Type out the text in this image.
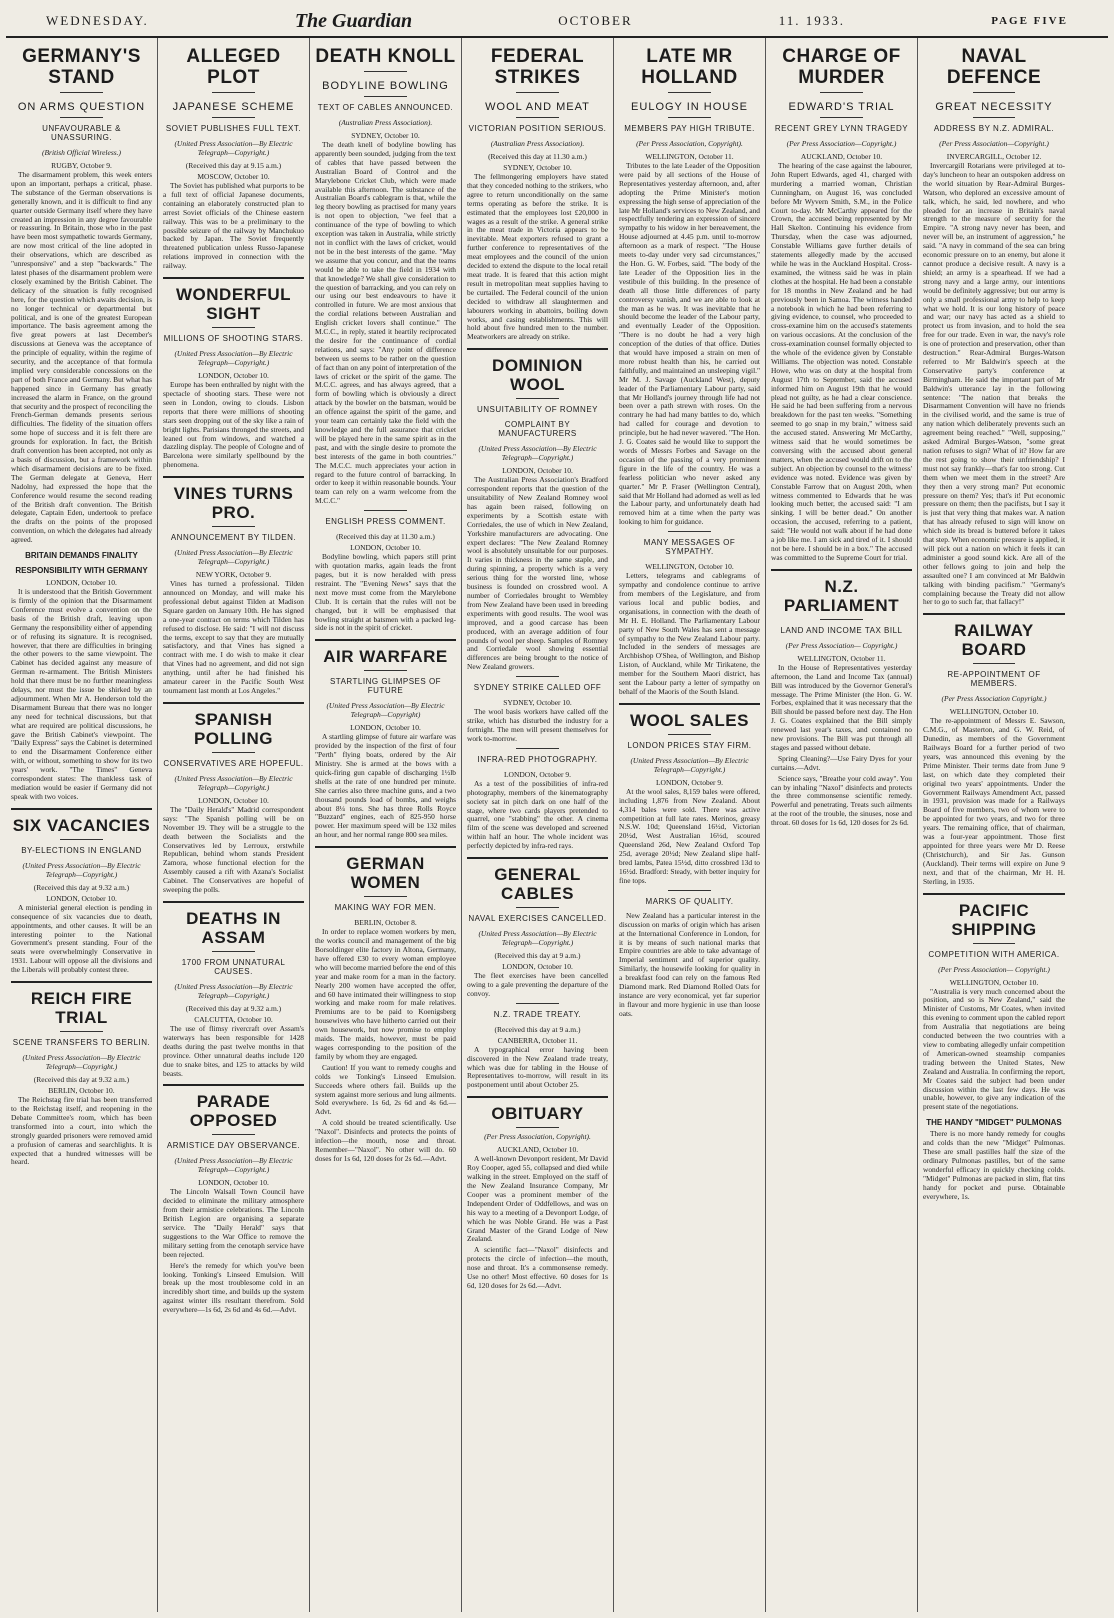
WEDNESDAY.	The Guardian	OCTOBER	11. 1933.	PAGE FIVE
GERMANY'S STAND
ON ARMS QUESTION
UNFAVOURABLE & UNASSURING.
(British Official Wireless.)
RUGBY, October 9.

The disarmament problem, this week enters upon an important, perhaps a critical, phase. The substance of the German observations is generally known, and it is difficult to find any quarter outside Germany itself where they have created an impression in any degree favourable or reassuring. In Britain, those who in the past have been most sympathetic towards Germany, are now most critical of the line adopted in their observations, which are described as "unresponsive" and a step "backwards." The latest phases of the disarmament problem were closely examined by the British Cabinet. The delicacy of the situation is fully recognised here, for the question which awaits decision, is no longer technical or departmental but political, and is one of the greatest European importance. The basis agreement among the five great powers at last December's discussions at Geneva was the acceptance of the principle of equality, within the regime of security, and the acceptance of that formula implied very considerable concessions on the part of both France and Germany. But what has happened since in Germany has greatly increased the alarm in France, on the ground that security and the prospect of reconciling the French-German demands presents serious difficulties. The fidelity of the situation offers some hope of success and it is felt there are grounds for exploration. In fact, the British draft convention has been accepted, not only as a basis of discussion, but a framework within which disarmament decisions are to be fixed. The German delegate at Geneva, Herr Nadolny, had expressed the hope that the Conference would resume the second reading of the British draft convention. The British delegate, Captain Eden, undertook to preface the drafts on the points of the proposed convention, on which the delegates had already agreed.

BRITAIN DEMANDS FINALITY
RESPONSIBILITY WITH GERMANY
LONDON, October 10.

It is understood that the British Government is firmly of the opinion that the Disarmament Conference must evolve a convention on the basis of the British draft, leaving upon Germany the responsibility either of appending or of refusing its signature. It is recognised, however, that there are difficulties in bringing the other powers to the same viewpoint. The Cabinet has decided against any measure of German re-armament. The British Ministers hold that there must be no further meaningless delays, nor must the issue be shirked by an adjournment. When Mr A. Henderson told the Disarmament Bureau that there was no longer any need for technical discussions, but that what are required are political discussions, he gave the British Cabinet's viewpoint. The "Daily Express" says the Cabinet is determined to end the Disarmament Conference either with, or without, something to show for its two years' work. "The Times" Geneva correspondent states: The thankless task of mediation would be easier if Germany did not speak with two voices.

SIX VACANCIES
BY-ELECTIONS IN ENGLAND
(United Press Association—By Electric Telegraph—Copyright.)
(Received this day at 9.32 a.m.)
LONDON, October 10.

A ministerial general election is pending in consequence of six vacancies due to death, appointments, and other causes. It will be an interesting pointer to the National Government's present standing. Four of the seats were overwhelmingly Conservative in 1931. Labour will oppose all the divisions and the Liberals will probably contest three.

REICH FIRE TRIAL
SCENE TRANSFERS TO BERLIN.
(United Press Association—By Electric Telegraph—Copyright.)
(Received this day at 9.32 a.m.)
BERLIN, October 10.

The Reichstag fire trial has been transferred to the Reichstag itself, and reopening in the Debate Committee's room, which has been transformed into a court, into which the strongly guarded prisoners were removed amid a profusion of cameras and searchlights. It is expected that a hundred witnesses will be heard.

ALLEGED PLOT
JAPANESE SCHEME
SOVIET PUBLISHES FULL TEXT.
(United Press Association—By Electric Telegraph—Copyright.)
(Received this day at 9.15 a.m.)
MOSCOW, October 10.

The Soviet has published what purports to be a full text of official Japanese documents, containing an elaborately constructed plan to arrest Soviet officials of the Chinese eastern railway. This was to be a preliminary to the possible seizure of the railway by Manchukuo backed by Japan. The Soviet frequently threatened publication unless Russo-Japanese relations improved in connection with the railway.

WONDERFUL SIGHT
MILLIONS OF SHOOTING STARS.
(United Press Association—By Electric Telegraph—Copyright.)
LONDON, October 10.

Europe has been enthralled by night with the spectacle of shooting stars. These were not seen in London, owing to clouds. Lisbon reports that there were millions of shooting stars seen dropping out of the sky like a rain of bright lights. Parisians thronged the streets, and leaned out from windows, and watched a dazzling display. The people of Cologne and of Barcelona were similarly spellbound by the phenomena.

VINES TURNS PRO.
ANNOUNCEMENT BY TILDEN.
(United Press Association—By Electric Telegraph—Copyright.)
NEW YORK, October 9.

Vines has turned a professional. Tilden announced on Monday, and will make his professional debut against Tilden at Madison Square garden on January 10th. He has signed a one-year contract on terms which Tilden has refused to disclose. He said: "I will not discuss the terms, except to say that they are mutually satisfactory, and that Vines has signed a contract with me. I do wish to make it clear that Vines had no agreement, and did not sign anything, until after he had finished his amateur career in the Pacific South West tournament last month at Los Angeles."

SPANISH POLLING
CONSERVATIVES ARE HOPEFUL.
(United Press Association—By Electric Telegraph—Copyright.)
LONDON, October 10.

The "Daily Herald's" Madrid correspondent says: "The Spanish polling will be on November 19. They will be a struggle to the death between the Socialists and the Conservatives led by Lerroux, erstwhile Republican, behind whom stands President Zamora, whose functional election for the Assembly caused a rift with Azana's Socialist Cabinet. The Conservatives are hopeful of sweeping the polls.

DEATHS IN ASSAM
1700 FROM UNNATURAL CAUSES.
(United Press Association—By Electric Telegraph—Copyright.)
(Received this day at 9.32 a.m.)
CALCUTTA, October 10.

The use of flimsy rivercraft over Assam's waterways has been responsible for 1428 deaths during the past twelve months in that province. Other unnatural deaths include 120 due to snake bites, and 125 to attacks by wild beasts.

PARADE OPPOSED
ARMISTICE DAY OBSERVANCE.
(United Press Association—By Electric Telegraph—Copyright.)
LONDON, October 10.

The Lincoln Walsall Town Council have decided to eliminate the military atmosphere from their armistice celebrations. The Lincoln British Legion are organising a separate service. The "Daily Herald" says that suggestions to the War Office to remove the military setting from the cenotaph service have been rejected.

Here's the remedy for which you've been looking. Tonking's Linseed Emulsion. Will break up the most troublesome cold in an incredibly short time, and builds up the system against winter ills resultant therefrom. Sold everywhere—1s 6d, 2s 6d and 4s 6d.—Advt.

DEATH KNOLL
BODYLINE BOWLING
TEXT OF CABLES ANNOUNCED.
(Australian Press Association).
SYDNEY, October 10.

The death knell of bodyline bowling has apparently been sounded, judging from the text of cables that have passed between the Australian Board of Control and the Marylebone Cricket Club, which were made available this afternoon. The substance of the Australian Board's cablegram is that, while the leg theory bowling as practised for many years is not open to objection, "we feel that a continuance of the type of bowling to which exception was taken in Australia, while strictly not in conflict with the laws of cricket, would not be in the best interests of the game. "May we assume that you concur, and that the teams would be able to take the field in 1934 with that knowledge? We shall give consideration to the question of barracking, and you can rely on our using our best endeavours to have it controlled in future. We are most anxious that the cordial relations between Australian and English cricket lovers shall continue." The M.C.C., in reply, stated it heartily reciprocated the desire for the continuance of cordial relations, and says: "Any point of difference between us seems to be rather on the question of fact than on any point of interpretation of the laws of cricket or the spirit of the game. The M.C.C. agrees, and has always agreed, that a form of bowling which is obviously a direct attack by the bowler on the batsman, would be an offence against the spirit of the game, and your team can certainly take the field with the knowledge and the full assurance that cricket will be played here in the same spirit as in the past, and with the single desire to promote the best interests of the game in both countries." The M.C.C. much appreciates your action in regard to the future control of barracking. In order to keep it within reasonable bounds. Your team can rely on a warm welcome from the M.C.C."

ENGLISH PRESS COMMENT.
(Received this day at 11.30 a.m.)
LONDON, October 10.

Bodyline bowling, which papers still print with quotation marks, again leads the front pages, but it is now heralded with press restraint. The "Evening News" says that the next move must come from the Marylebone Club. It is certain that the rules will not be changed, but it will be emphasised that bowling straight at batsmen with a packed leg-side is not in the spirit of cricket.

AIR WARFARE
STARTLING GLIMPSES OF FUTURE
(United Press Association—By Electric Telegraph—Copyright)
LONDON, October 10.

A startling glimpse of future air warfare was provided by the inspection of the first of four "Perth" flying boats, ordered by the Air Ministry. She is armed at the bows with a quick-firing gun capable of discharging 1½lb shells at the rate of one hundred per minute. She carries also three machine guns, and a two thousand pounds load of bombs, and weighs about 8¼ tons. She has three Rolls Royce "Buzzard" engines, each of 825-950 horse power. Her maximum speed will be 132 miles an hour, and her normal range 800 sea miles.

GERMAN WOMEN
MAKING WAY FOR MEN.
BERLIN, October 8.

In order to replace women workers by men, the works council and management of the big Borsoldinger elite factory in Altona, Germany, have offered £30 to every woman employee who will become married before the end of this year and make room for a man in the factory. Nearly 200 women have accepted the offer, and 60 have intimated their willingness to stop working and make room for male relatives. Premiums are to be paid to Koenigsberg housewives who have hitherto carried out their own housework, but now promise to employ maids. The maids, however, must be paid wages corresponding to the position of the family by whom they are engaged.

Caution! If you want to remedy coughs and colds we Tonking's Linseed Emulsion. Succeeds where others fail. Builds up the system against more serious and lung ailments. Sold everywhere. 1s 6d, 2s 6d and 4s 6d.—Advt.

A cold should be treated scientifically. Use "Naxol". Disinfects and protects the points of infection—the mouth, nose and throat. Remember—"Naxol". No other will do. 60 doses for 1s 6d, 120 doses for 2s 6d.—Advt.

FEDERAL STRIKES
WOOL AND MEAT
VICTORIAN POSITION SERIOUS.
(Australian Press Association).
(Received this day at 11.30 a.m.)
SYDNEY, October 10.

The fellmongering employers have stated that they conceded nothing to the strikers, who agree to return unconditionally on the same terms operating as before the strike. It is estimated that the employees lost £20,000 in wages as a result of the strike. A general strike in the meat trade in Victoria appears to be inevitable. Meat exporters refused to grant a further conference to representatives of the meat employees and the council of the union decided to extend the dispute to the local retail meat trade. It is feared that this action might result in metropolitan meat supplies having to be curtailed. The Federal council of the union decided to withdraw all slaughtermen and labourers working in abattoirs, boiling down works, and casing establishments. This will hold about five hundred men to the number. Meatworkers are already on strike.

DOMINION WOOL
UNSUITABILITY OF ROMNEY
COMPLAINT BY MANUFACTURERS
(United Press Association—By Electric Telegraph—Copyright.)
LONDON, October 10.

The Australian Press Association's Bradford correspondent reports that the question of the unsuitability of New Zealand Romney wool has again been raised, following on experiments by a Scottish estate with Corriedales, the use of which in New Zealand, Yorkshire manufacturers are advocating. One expert declares: "The New Zealand Romney wool is absolutely unsuitable for our purposes. It varies in thickness in the same staple, and during spinning, a property which is a very serious thing for the worsted line, whose business is founded on crossbred wool. A number of Corriedales brought to Wembley from New Zealand have been used in breeding experiments with good results. The wool was improved, and a good carcase has been produced, with an average addition of four pounds of wool per sheep. Samples of Romney and Corriedale wool showing essential differences are being brought to the notice of New Zealand growers.

SYDNEY STRIKE CALLED OFF
SYDNEY, October 10.

The wool basis workers have called off the strike, which has disturbed the industry for a fortnight. The men will present themselves for work to-morrow.

INFRA-RED PHOTOGRAPHY.
LONDON, October 9.

As a test of the possibilities of infra-red photography, members of the kinematography society sat in pitch dark on one half of the stage, where two cards players pretended to quarrel, one "stabbing" the other. A cinema film of the scene was developed and screened within half an hour. The whole incident was perfectly depicted by infra-red rays.

GENERAL CABLES
NAVAL EXERCISES CANCELLED.
(United Press Association—By Electric Telegraph—Copyright.)
(Received this day at 9 a.m.)
LONDON, October 10.

The fleet exercises have been cancelled owing to a gale preventing the departure of the convoy.

N.Z. TRADE TREATY.
(Received this day at 9 a.m.)
CANBERRA, October 11.

A typographical error having been discovered in the New Zealand trade treaty, which was due for tabling in the House of Representatives to-morrow, will result in its postponement until about October 25.

OBITUARY
(Per Press Association, Copyright).
AUCKLAND, October 10.

A well-known Devonport resident, Mr David Roy Cooper, aged 55, collapsed and died while walking in the street. Employed on the staff of the New Zealand Insurance Company, Mr Cooper was a prominent member of the Independent Order of Oddfellows, and was on his way to a meeting of a Devonport Lodge, of which he was Noble Grand. He was a Past Grand Master of the Grand Lodge of New Zealand.

A scientific fact—"Naxol" disinfects and protects the circle of infection—the mouth, nose and throat. It's a commonsense remedy. Use no other! Most effective. 60 doses for 1s 6d, 120 doses for 2s 6d.—Advt.

LATE MR HOLLAND
EULOGY IN HOUSE
MEMBERS PAY HIGH TRIBUTE.
(Per Press Association, Copyright).
WELLINGTON, October 11.

Tributes to the late Leader of the Opposition were paid by all sections of the House of Representatives yesterday afternoon, and, after adopting the Prime Minister's motion expressing the high sense of appreciation of the late Mr Holland's services to New Zealand, and respectfully tendering an expression of sincere sympathy to his widow in her bereavement, the House adjourned at 4.45 p.m. until to-morrow afternoon as a mark of respect. "The House meets to-day under very sad circumstances," the Hon. G. W. Forbes, said. "The body of the late Leader of the Opposition lies in the vestibule of this building. In the presence of death all those little differences of party controversy vanish, and we are able to look at the man as he was. It was inevitable that he should become the leader of the Labour party, and eventually Leader of the Opposition. "There is no doubt he had a very high conception of the duties of that office. Duties that would have imposed a strain on men of more robust health than his, he carried out faithfully, and maintained an unsleeping vigil." Mr M. J. Savage (Auckland West), deputy leader of the Parliamentary Labour party, said that Mr Holland's journey through life had not been over a path strewn with roses. On the contrary he had had many battles to do, which had called for courage and devotion to principle, but he had never wavered. "The Hon. J. G. Coates said he would like to support the words of Messrs Forbes and Savage on the occasion of the passing of a very prominent figure in the life of the country. He was a fearless politician who never asked any quarter." Mr P. Fraser (Wellington Central), said that Mr Holland had adorned as well as led the Labour party, and unfortunately death had removed him at a time when the party was looking to him for guidance.

MANY MESSAGES OF SYMPATHY.
WELLINGTON, October 10.

Letters, telegrams and cablegrams of sympathy and condolence continue to arrive from members of the Legislature, and from various local and public bodies, and organisations, in connection with the death of Mr H. E. Holland. The Parliamentary Labour party of New South Wales has sent a message of sympathy to the New Zealand Labour party. Included in the senders of messages are Archbishop O'Shea, of Wellington, and Bishop Liston, of Auckland, while Mr Tirikatene, the member for the Southern Maori district, has sent the Labour party a letter of sympathy on behalf of the Maoris of the South Island.

WOOL SALES
LONDON PRICES STAY FIRM.
(United Press Association—By Electric Telegraph—Copyright.)
LONDON, October 9.

At the wool sales, 8,159 bales were offered, including 1,876 from New Zealand. About 4,314 bales were sold. There was active competition at full late rates. Merinos, greasy N.S.W. 10d; Queensland 16½d, Victorian 20½d, West Australian 16½d, scoured Queensland 26d, New Zealand Oxford Top 25d, average 20½d; New Zealand slipe half-bred lambs, Patea 15½d, ditto crossbred 13d to 16½d. Bradford: Steady, with better inquiry for fine tops.

MARKS OF QUALITY.

New Zealand has a particular interest in the discussion on marks of origin which has arisen at the International Conference in London, for it is by means of such national marks that Empire countries are able to take advantage of Imperial sentiment and of superior quality. Similarly, the housewife looking for quality in a breakfast food can rely on the famous Red Diamond mark. Red Diamond Rolled Oats for instance are very economical, yet far superior in flavour and more hygienic in use than loose oats.

CHARGE OF MURDER
EDWARD'S TRIAL
RECENT GREY LYNN TRAGEDY
(Per Press Association—Copyright.)
AUCKLAND, October 10.

The hearing of the case against the labourer, John Rupert Edwards, aged 41, charged with murdering a married woman, Christian Cunningham, on August 16, was concluded before Mr Wyvern Smith, S.M., in the Police Court to-day. Mr McCarthy appeared for the Crown, the accused being represented by Mr Hall Skelton. Continuing his evidence from Thursday, when the case was adjourned, Constable Williams gave further details of statements allegedly made by the accused while he was in the Auckland Hospital. Cross-examined, the witness said he was in plain clothes at the hospital. He had been a constable for 18 months in New Zealand and he had previously been in Samoa. The witness handed a notebook in which he had been referring to giving evidence, to counsel, who proceeded to cross-examine him on the accused's statements on various occasions. At the conclusion of the cross-examination counsel formally objected to the whole of the evidence given by Constable Williams. The objection was noted. Constable Howe, who was on duty at the hospital from August 17th to September, said the accused informed him on August 19th that he would plead not guilty, as he had a clear conscience. He said he had been suffering from a nervous breakdown for the past ten weeks. "Something seemed to go snap in my brain," witness said the accused stated. Answering Mr McCarthy, witness said that he would sometimes be conversing with the accused about general matters, when the accused would drift on to the subject. An objection by counsel to the witness' evidence was noted. Evidence was given by Constable Farrow that on August 20th, when witness commented to Edwards that he was looking much better, the accused said: "I am sinking. I will be better dead." On another occasion, the accused, referring to a patient, said: "He would not walk about if he had done a job like me. I am sick and tired of it. I should not be here. I should be in a box." The accused was committed to the Supreme Court for trial.

N.Z. PARLIAMENT
LAND AND INCOME TAX BILL
(Per Press Association— Copyright.)
WELLINGTON, October 11.

In the House of Representatives yesterday afternoon, the Land and Income Tax (annual) Bill was introduced by the Governor General's message. The Prime Minister (the Hon. G. W. Forbes, explained that it was necessary that the Bill should be passed before next day. The Hon J. G. Coates explained that the Bill simply renewed last year's taxes, and contained no new provisions. The Bill was put through all stages and passed without debate.

Spring Cleaning?—Use Fairy Dyes for your curtains.—Advt.

Science says, "Breathe your cold away". You can by inhaling "Naxol" disinfects and protects the three commonsense scientific remedy. Powerful and penetrating. Treats such ailments at the root of the trouble, the sinuses, nose and throat. 60 doses for 1s 6d, 120 doses for 2s 6d.

NAVAL DEFENCE
GREAT NECESSITY
ADDRESS BY N.Z. ADMIRAL.
(Per Press Association—Copyright.)
INVERCARGILL, October 12.

Invercargill Rotarians were privileged at to-day's luncheon to hear an outspoken address on the world situation by Rear-Admiral Burges-Watson, who deplored an excessive amount of talk, which, he said, led nowhere, and who pleaded for an increase in Britain's naval strength to the measure of security for the Empire. "A strong navy never has been, and never will be, an instrument of aggression," he said. "A navy in command of the sea can bring economic pressure on to an enemy, but alone it cannot produce a decisive result. A navy is a shield; an army is a spearhead. If we had a strong navy and a large army, our intentions would be definitely aggressive; but our army is only a small professional army to help to keep what we hold. It is our long history of peace and war; our navy has acted as a shield to protect us from invasion, and to hold the sea free for our trade. Even in war, the navy's role is one of protection and preservation, other than destruction." Rear-Admiral Burges-Watson referred to Mr Baldwin's speech at the Conservative party's conference at Birmingham. He said the important part of Mr Baldwin's utterance lay in the following sentence: "The nation that breaks the Disarmament Convention will have no friends in the civilised world, and the same is true of any nation which deliberately prevents such an agreement being reached." "Well, supposing," asked Admiral Burges-Watson, "some great nation refuses to sign? What of it? How far are the rest going to show their unfriendship? I must not say frankly—that's far too strong. Cut them when we meet them in the street? Are they then a very strong man? Put economic pressure on them? Yes; that's it! Put economic pressure on them; then the pacifists, but I say it is just that very thing that makes war. A nation that has already refused to sign will know on which side its bread is buttered before it takes that step. When economic pressure is applied, it will pick out a nation on which it feels it can administer a good sound kick. Are all of the other fellows going to join and help the assaulted one? I am convinced at Mr Baldwin talking with binding pacifism." "Germany's complaining because the Treaty did not allow her to go to such far, that fallacy!"

RAILWAY BOARD
RE-APPOINTMENT OF MEMBERS.
(Per Press Association Copyright.)
WELLINGTON, October 10.

The re-appointment of Messrs E. Sawson, C.M.G., of Masterton, and G. W. Reid, of Dunedin, as members of the Government Railways Board for a further period of two years, was announced this evening by the Prime Minister. Their terms date from June 9 last, on which date they completed their original two years' appointments. Under the Government Railways Amendment Act, passed in 1931, provision was made for a Railways Board of five members, two of whom were to be appointed for two years, and two for three years. The remaining office, that of chairman, was a four-year appointment. Those first appointed for three years were Mr D. Reese (Christchurch), and Sir Jas. Gunson (Auckland). Their terms will expire on June 9 next, and that of the chairman, Mr H. H. Sterling, in 1935.

PACIFIC SHIPPING
COMPETITION WITH AMERICA.
(Per Press Association— Copyright.)
WELLINGTON, October 10.

"Australia is very much concerned about the position, and so is New Zealand," said the Minister of Customs, Mr Coates, when invited this evening to comment upon the cabled report from Australia that negotiations are being conducted between the two countries with a view to combating allegedly unfair competition of American-owned steamship companies trading between the United States, New Zealand and Australia. In confirming the report, Mr Coates said the subject had been under discussion within the last few days. He was unable, however, to give any indication of the present state of the negotiations.

THE HANDY "MIDGET" PULMONAS

There is no more handy remedy for coughs and colds than the new "Midget" Pulmonas. These are small pastilles half the size of the ordinary Pulmonas pastilles, but of the same wonderful efficacy in quickly checking colds. "Midget" Pulmonas are packed in slim, flat tins handy for pocket and purse. Obtainable everywhere, 1s.
